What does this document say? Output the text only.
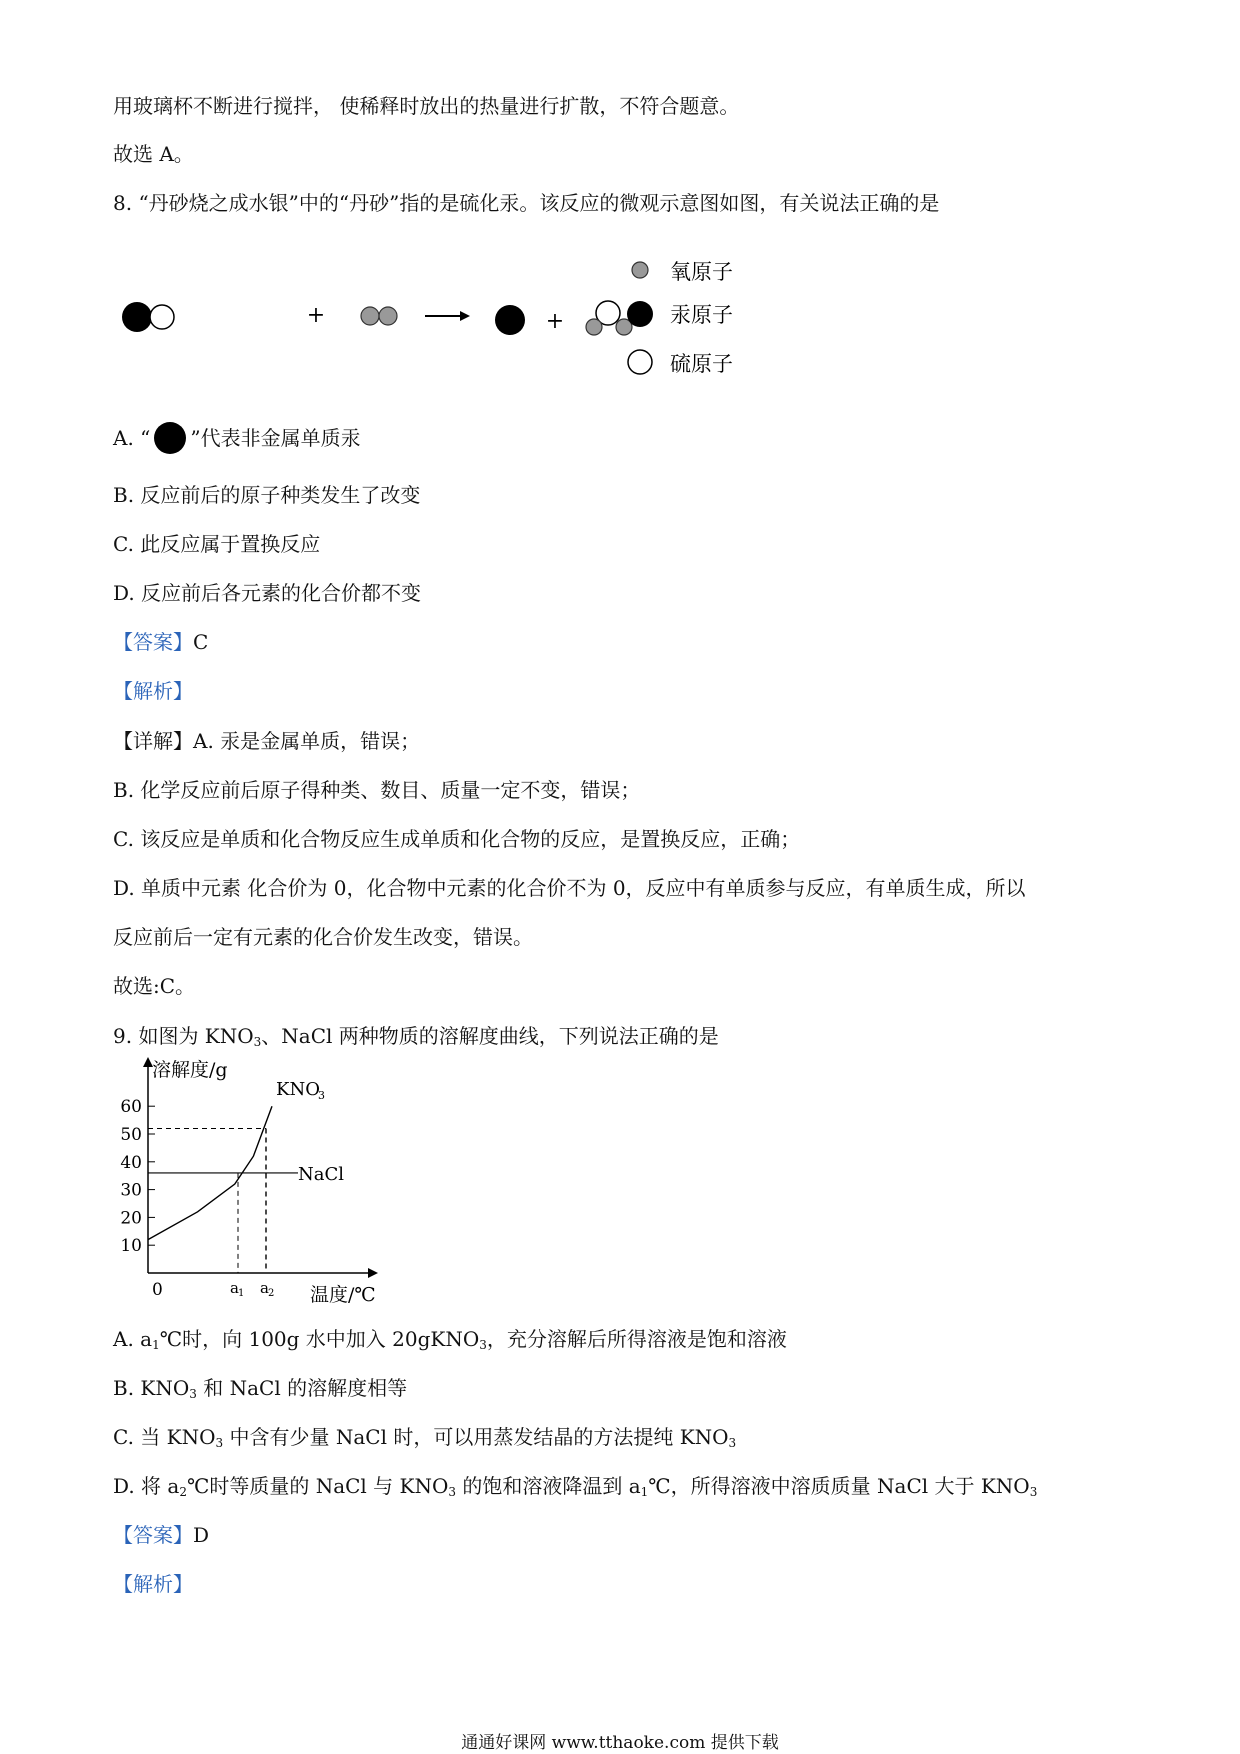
用玻璃杯不断进行搅拌， 使稀释时放出的热量进行扩散，不符合题意。
故选 A。
8. “丹砂烧之成水银”中的“丹砂”指的是硫化汞。该反应的微观示意图如图，有关说法正确的是
+	+
氧原子
汞原子
硫原子
A. “ ”代表非金属单质汞
B. 反应前后的原子种类发生了改变
C. 此反应属于置换反应
D. 反应前后各元素的化合价都不变
【答案】C
【解析】
【详解】A. 汞是金属单质，错误；
B. 化学反应前后原子得种类、数目、质量一定不变，错误；
C. 该反应是单质和化合物反应生成单质和化合物的反应，是置换反应，正确；
D. 单质中元素 化合价为 0，化合物中元素的化合价不为 0，反应中有单质参与反应，有单质生成，所以
反应前后一定有元素的化合价发生改变，错误。
故选:C。
9. 如图为 $KNO_3$、NaCl 两种物质的溶解度曲线，下列说法正确的是
溶解度/g
60
50
40
30
20
10
0	a 1 a 2 温度/℃
NaCl
KNO
3
A. $a_1℃$时，向 100g 水中加入 20gKNO$_3$，充分溶解后所得溶液是饱和溶液
B. $KNO_3$ 和 NaCl 的溶解度相等
C. 当 $KNO_3$ 中含有少量 NaCl 时，可以用蒸发结晶的方法提纯 $KNO_3$
D. 将 $a_2℃$时等质量的 NaCl 与 $KNO_3$ 的饱和溶液降温到 $a_1℃$，所得溶液中溶质质量 NaCl 大于 $KNO_3$
【答案】D
【解析】
通通好课网 www.tthaoke.com 提供下载
